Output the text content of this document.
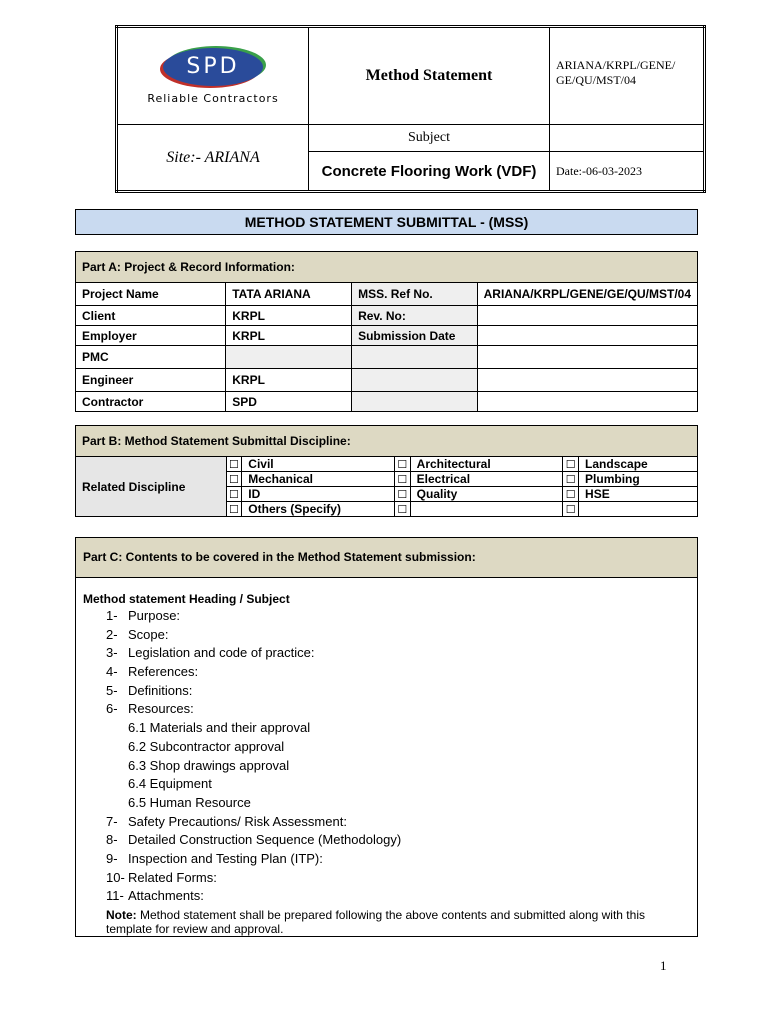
SPD
Reliable Contractors	Method Statement	ARIANA/KRPL/GENE/ GE/QU/MST/04
Site:- ARIANA	Subject	
	Concrete Flooring Work (VDF)	Date:-06-03-2023
METHOD STATEMENT SUBMITTAL - (MSS)
Part A: Project & Record Information:			
Project Name	TATA ARIANA	MSS. Ref No.	ARIANA/KRPL/GENE/GE/QU/MST/04
Client	KRPL	Rev. No:	
Employer	KRPL	Submission Date	
PMC			
Engineer	KRPL		
Contractor	SPD		
Part B: Method Statement Submittal Discipline:						
Related Discipline	☐	Civil	☐	Architectural	☐	Landscape
	☐	Mechanical	☐	Electrical	☐	Plumbing
	☐	ID	☐	Quality	☐	HSE
	☐	Others (Specify)	☐		☐	
Part C: Contents to be covered in the Method Statement submission:
Method statement Heading / Subject
1- Purpose:
2- Scope:
3- Legislation and code of practice:
4- References:
5- Definitions:
6- Resources:
6.1 Materials and their approval
6.2 Subcontractor approval
6.3 Shop drawings approval
6.4 Equipment
6.5 Human Resource
7- Safety Precautions/ Risk Assessment:
8- Detailed Construction Sequence (Methodology)
9- Inspection and Testing Plan (ITP):
10- Related Forms:
11- Attachments:
Note: Method statement shall be prepared following the above contents and submitted along with this template for review and approval.
1
